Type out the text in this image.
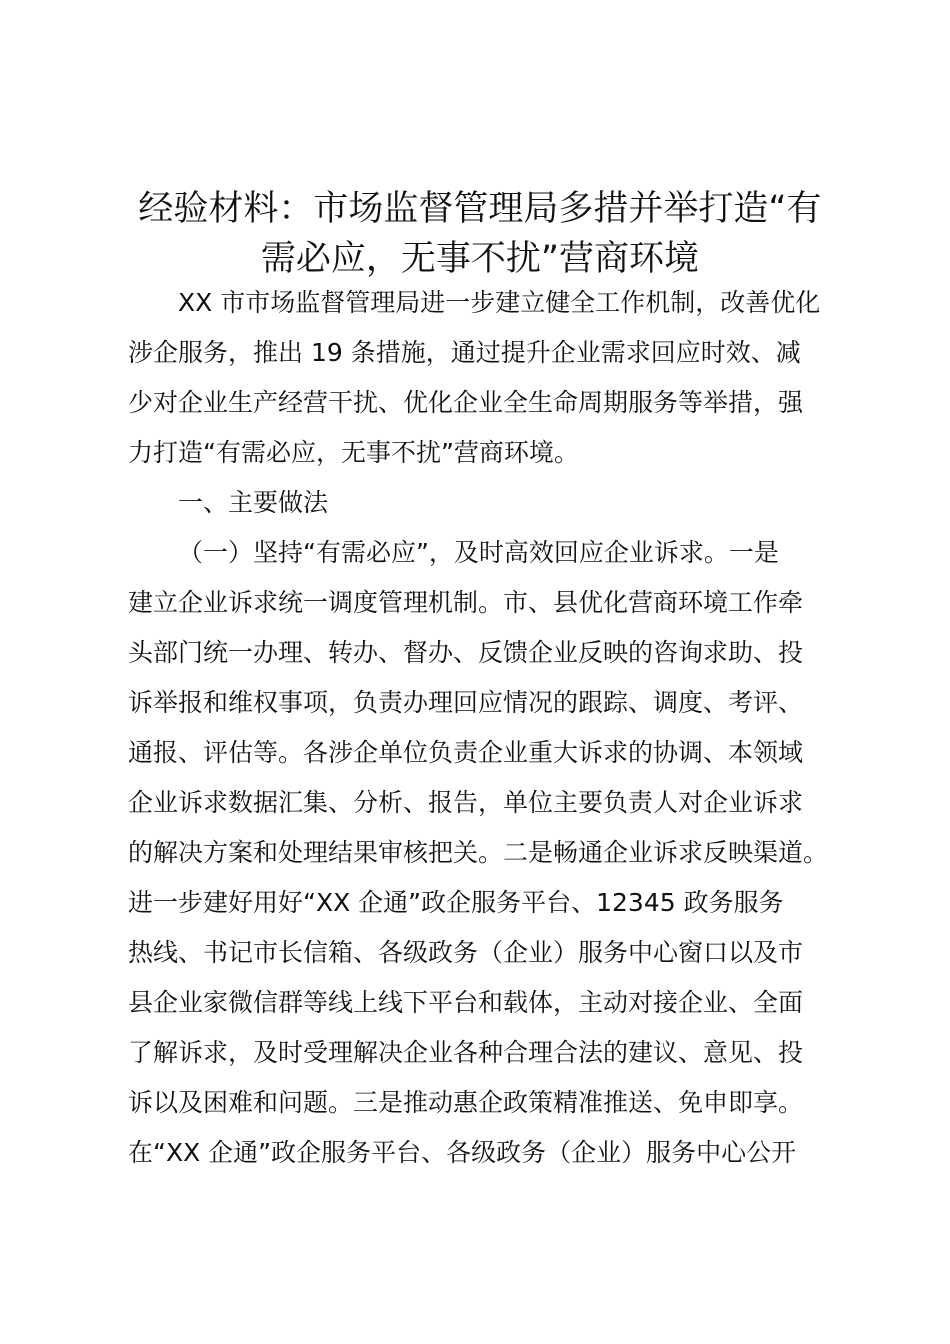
经验材料：市场监督管理局多措并举打造“有
需必应，无事不扰”营商环境
XX 市市场监督管理局进一步建立健全工作机制，改善优化
涉企服务，推出 19 条措施，通过提升企业需求回应时效、减
少对企业生产经营干扰、优化企业全生命周期服务等举措，强
力打造“有需必应，无事不扰”营商环境。
一、主要做法
（一）坚持“有需必应”，及时高效回应企业诉求。一是
建立企业诉求统一调度管理机制。市、县优化营商环境工作牵
头部门统一办理、转办、督办、反馈企业反映的咨询求助、投
诉举报和维权事项，负责办理回应情况的跟踪、调度、考评、
通报、评估等。各涉企单位负责企业重大诉求的协调、本领域
企业诉求数据汇集、分析、报告，单位主要负责人对企业诉求
的解决方案和处理结果审核把关。二是畅通企业诉求反映渠道。
进一步建好用好“XX 企通”政企服务平台、12345 政务服务
热线、书记市长信箱、各级政务（企业）服务中心窗口以及市
县企业家微信群等线上线下平台和载体，主动对接企业、全面
了解诉求，及时受理解决企业各种合理合法的建议、意见、投
诉以及困难和问题。三是推动惠企政策精准推送、免申即享。
在“XX 企通”政企服务平台、各级政务（企业）服务中心公开
